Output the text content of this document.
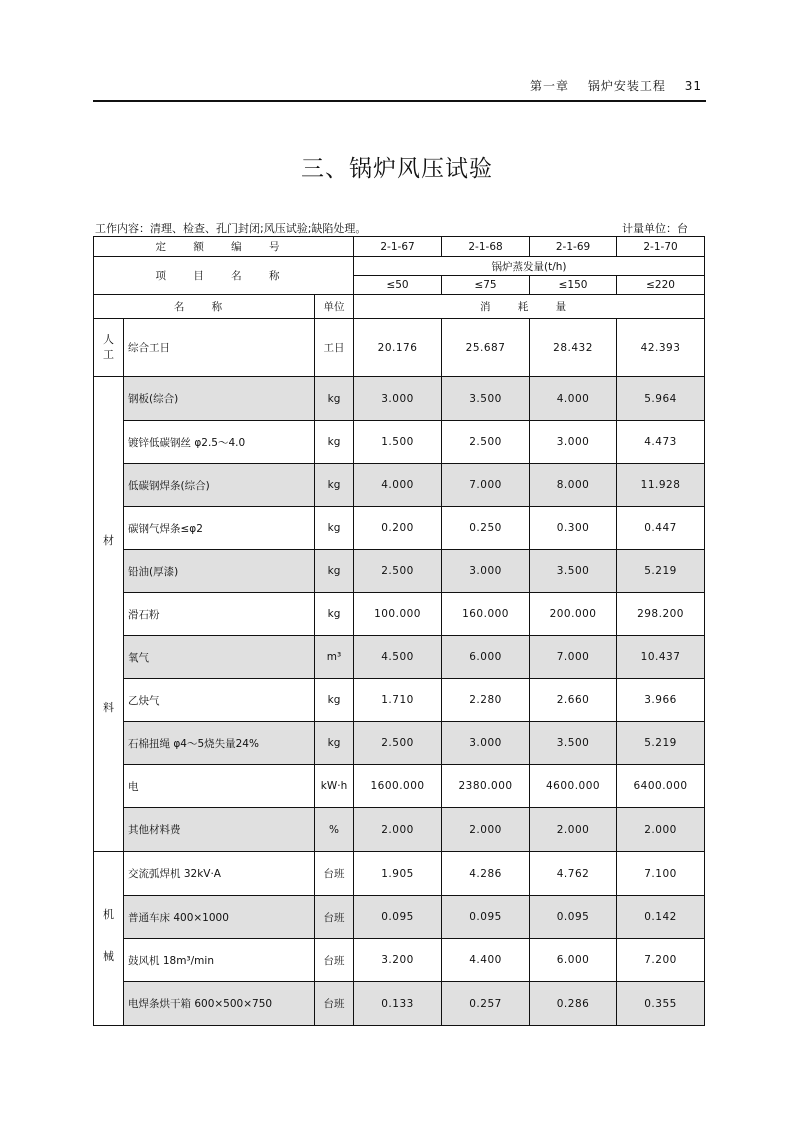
第一章 锅炉安装工程 31
三、锅炉风压试验
工作内容：清理、检查、孔门封闭;风压试验;缺陷处理。	计量单位：台
定 额 编 号			2-1-67	2-1-68	2-1-69	2-1-70
项 目 名 称			锅炉蒸发量(t/h)			
			≤50	≤75	≤150	≤220
名 称		单位	消 耗 量			

人
工	综合工日	工日	20.176	25.687	28.432	42.393

材
料	钢板(综合)	kg	3.000	3.500	4.000	5.964
	镀锌低碳钢丝 φ2.5～4.0	kg	1.500	2.500	3.000	4.473
	低碳钢焊条(综合)	kg	4.000	7.000	8.000	11.928
	碳钢气焊条≤φ2	kg	0.200	0.250	0.300	0.447
	铅油(厚漆)	kg	2.500	3.000	3.500	5.219
	滑石粉	kg	100.000	160.000	200.000	298.200
	氧气	m³	4.500	6.000	7.000	10.437
	乙炔气	kg	1.710	2.280	2.660	3.966
	石棉扭绳 φ4～5烧失量24%	kg	2.500	3.000	3.500	5.219
	电	kW·h	1600.000	2380.000	4600.000	6400.000
	其他材料费	%	2.000	2.000	2.000	2.000

机
械	交流弧焊机 32kV·A	台班	1.905	4.286	4.762	7.100
	普通车床 400×1000	台班	0.095	0.095	0.095	0.142
	鼓风机 18m³/min	台班	3.200	4.400	6.000	7.200
	电焊条烘干箱 600×500×750	台班	0.133	0.257	0.286	0.355
